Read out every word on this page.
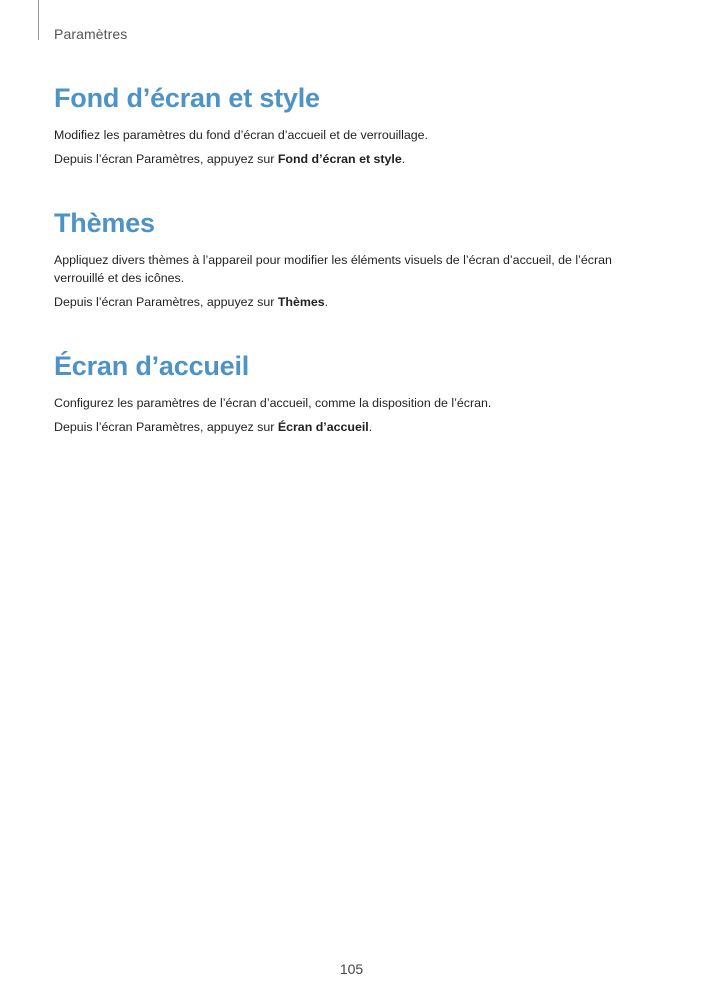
Paramètres
Fond d’écran et style

Modifiez les paramètres du fond d’écran d’accueil et de verrouillage.

Depuis l’écran Paramètres, appuyez sur Fond d’écran et style.

Thèmes

Appliquez divers thèmes à l’appareil pour modifier les éléments visuels de l’écran d’accueil, de l’écran verrouillé et des icônes.

Depuis l’écran Paramètres, appuyez sur Thèmes.

Écran d’accueil

Configurez les paramètres de l’écran d’accueil, comme la disposition de l’écran.

Depuis l’écran Paramètres, appuyez sur Écran d’accueil.

105
